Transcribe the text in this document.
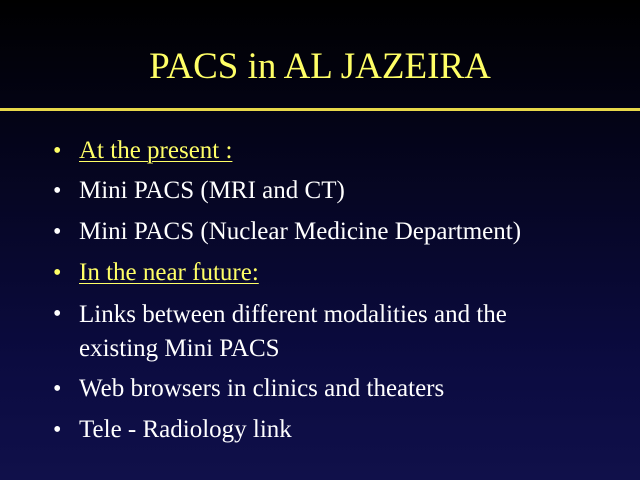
PACS in AL JAZEIRA
• At the present :
• Mini PACS (MRI and CT)
• Mini PACS (Nuclear Medicine Department)
• In the near future:
• Links between different modalities and the existing Mini PACS
• Web browsers in clinics and theaters
• Tele - Radiology link
